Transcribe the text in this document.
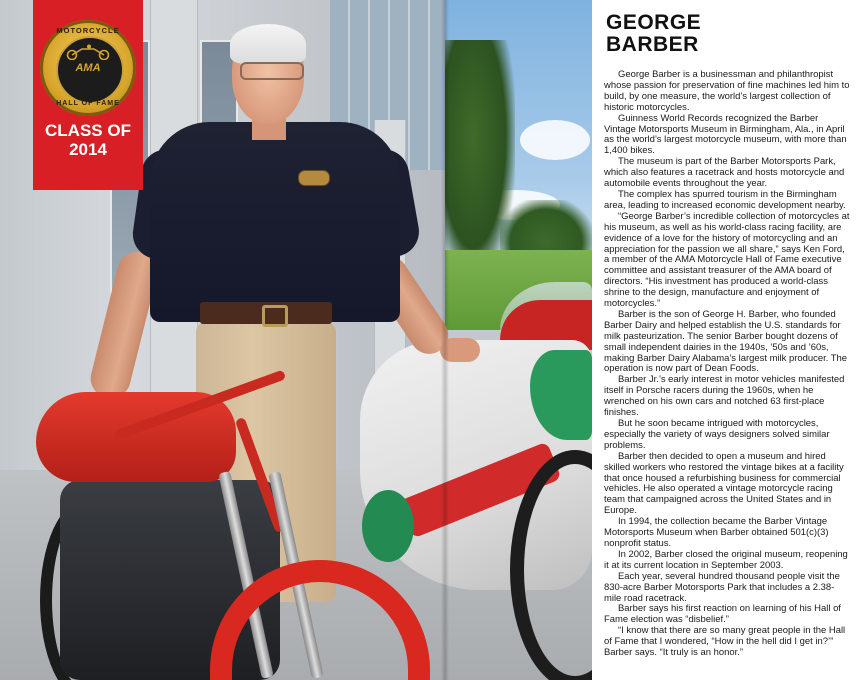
MOTORCYCLE
AMA
HALL OF FAME
CLASS OF
2014
GEORGE
BARBER

George Barber is a businessman and philanthropist whose passion for preservation of fine machines led him to build, by one measure, the world’s largest collection of historic motorcycles.

Guinness World Records recognized the Barber Vintage Motorsports Museum in Birmingham, Ala., in April as the world’s largest motorcycle museum, with more than 1,400 bikes.

The museum is part of the Barber Motorsports Park, which also features a racetrack and hosts motorcycle and automobile events throughout the year.

The complex has spurred tourism in the Birmingham area, leading to increased economic development nearby.

“George Barber’s incredible collection of motorcycles at his museum, as well as his world-class racing facility, are evidence of a love for the history of motorcycling and an appreciation for the passion we all share,” says Ken Ford, a member of the AMA Motorcycle Hall of Fame executive committee and assistant treasurer of the AMA board of directors. “His investment has produced a world-class shrine to the design, manufacture and enjoyment of motorcycles.”

Barber is the son of George H. Barber, who founded Barber Dairy and helped establish the U.S. standards for milk pasteurization. The senior Barber bought dozens of small independent dairies in the 1940s, ’50s and ’60s, making Barber Dairy Alabama’s largest milk producer. The operation is now part of Dean Foods.

Barber Jr.’s early interest in motor vehicles manifested itself in Porsche racers during the 1960s, when he wrenched on his own cars and notched 63 first-place finishes.

But he soon became intrigued with motorcycles, especially the variety of ways designers solved similar problems.

Barber then decided to open a museum and hired skilled workers who restored the vintage bikes at a facility that once housed a refurbishing business for commercial vehicles. He also operated a vintage motorcycle racing team that campaigned across the United States and in Europe.

In 1994, the collection became the Barber Vintage Motorsports Museum when Barber obtained 501(c)(3) nonprofit status.

In 2002, Barber closed the original museum, reopening it at its current location in September 2003.

Each year, several hundred thousand people visit the 830-acre Barber Motorsports Park that includes a 2.38-mile road racetrack.

Barber says his first reaction on learning of his Hall of Fame election was “disbelief.”

“I know that there are so many great people in the Hall of Fame that I wondered, “How in the hell did I get in?’” Barber says. “It truly is an honor.”
